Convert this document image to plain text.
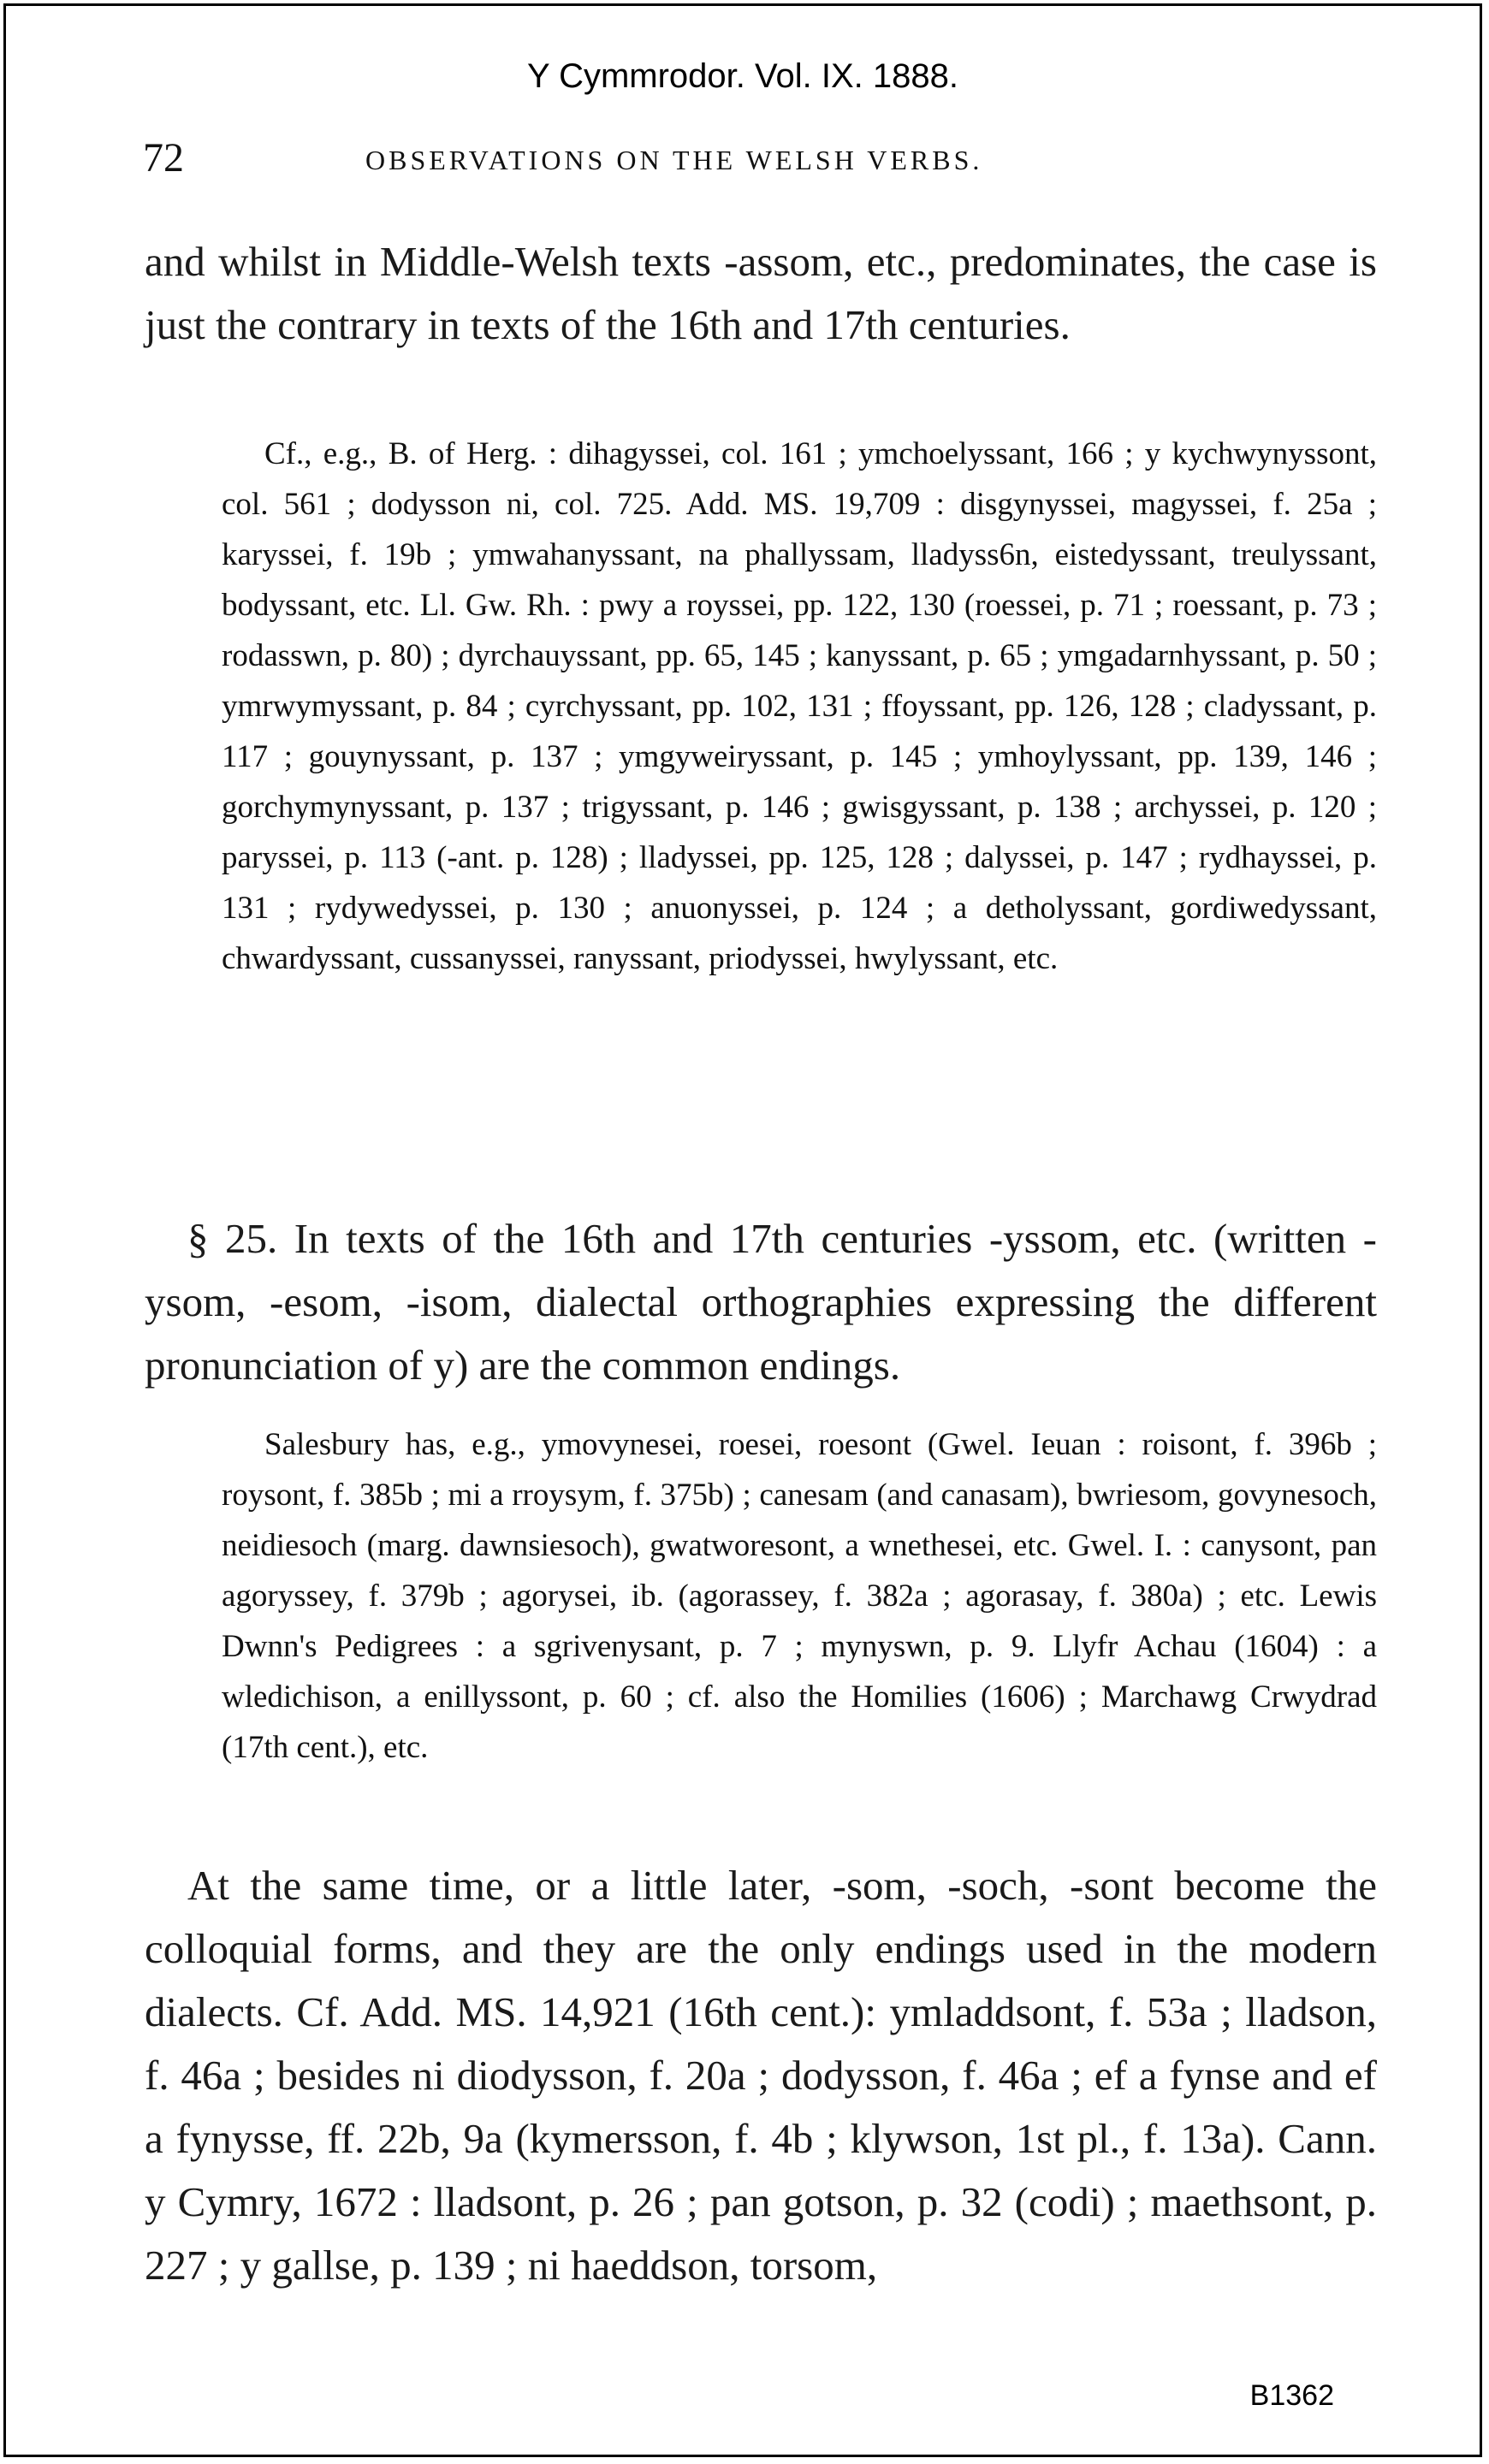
Y Cymmrodor. Vol. IX. 1888.
72	OBSERVATIONS ON THE WELSH VERBS.

and whilst in Middle-Welsh texts -assom, etc., predominates, the case is just the contrary in texts of the 16th and 17th centuries.

Cf., e.g., B. of Herg. : dihagyssei, col. 161 ; ymchoelyssant, 166 ; y kychwynyssont, col. 561 ; dodysson ni, col. 725. Add. MS. 19,709 : disgynyssei, magyssei, f. 25a ; karyssei, f. 19b ; ymwahanyssant, na phallyssam, lladyss6n, eistedyssant, treulyssant, bodyssant, etc. Ll. Gw. Rh. : pwy a royssei, pp. 122, 130 (roessei, p. 71 ; roessant, p. 73 ; rodasswn, p. 80) ; dyrchauyssant, pp. 65, 145 ; kanyssant, p. 65 ; ymgadarnhyssant, p. 50 ; ymrwymyssant, p. 84 ; cyrchyssant, pp. 102, 131 ; ffoyssant, pp. 126, 128 ; cladyssant, p. 117 ; gouynyssant, p. 137 ; ymgyweiryssant, p. 145 ; ymhoylyssant, pp. 139, 146 ; gorchymynyssant, p. 137 ; trigyssant, p. 146 ; gwisgyssant, p. 138 ; archyssei, p. 120 ; paryssei, p. 113 (-ant. p. 128) ; lladyssei, pp. 125, 128 ; dalyssei, p. 147 ; rydhayssei, p. 131 ; rydywedyssei, p. 130 ; anuonyssei, p. 124 ; a detholyssant, gordiwedyssant, chwardyssant, cussanyssei, ranyssant, priodyssei, hwylyssant, etc.

§ 25. In texts of the 16th and 17th centuries -yssom, etc. (written -ysom, -esom, -isom, dialectal orthographies expressing the different pronunciation of y) are the common endings.

Salesbury has, e.g., ymovynesei, roesei, roesont (Gwel. Ieuan : roisont, f. 396b ; roysont, f. 385b ; mi a rroysym, f. 375b) ; canesam (and canasam), bwriesom, govynesoch, neidiesoch (marg. dawnsiesoch), gwatworesont, a wnethesei, etc. Gwel. I. : canysont, pan agoryssey, f. 379b ; agorysei, ib. (agorassey, f. 382a ; agorasay, f. 380a) ; etc. Lewis Dwnn's Pedigrees : a sgrivenysant, p. 7 ; mynyswn, p. 9. Llyfr Achau (1604) : a wledichison, a enillyssont, p. 60 ; cf. also the Homilies (1606) ; Marchawg Crwydrad (17th cent.), etc.

At the same time, or a little later, -som, -soch, -sont become the colloquial forms, and they are the only endings used in the modern dialects. Cf. Add. MS. 14,921 (16th cent.): ymladdsont, f. 53a ; lladson, f. 46a ; besides ni diodysson, f. 20a ; dodysson, f. 46a ; ef a fynse and ef a fynysse, ff. 22b, 9a (kymersson, f. 4b ; klywson, 1st pl., f. 13a). Cann. y Cymry, 1672 : lladsont, p. 26 ; pan gotson, p. 32 (codi) ; maethsont, p. 227 ; y gallse, p. 139 ; ni haeddson, torsom,

B1362
